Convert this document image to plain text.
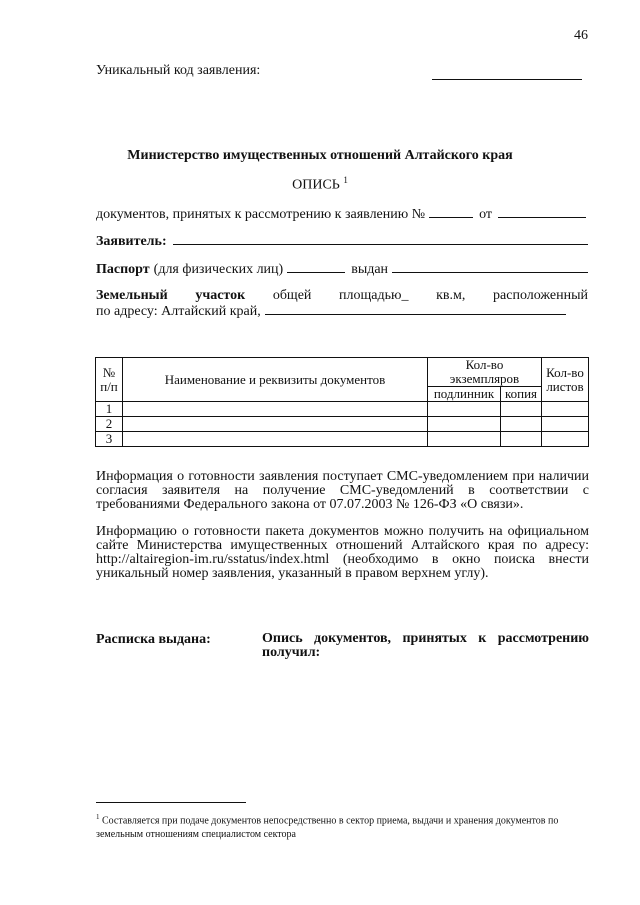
46
Уникальный код заявления:
Министерство имущественных отношений Алтайского края
ОПИСЬ $^1$
документов, принятых к рассмотрению к заявлению №	от
Заявитель:
Паспорт (для физических лиц)	выдан
Земельный участок общей площадью_ кв.м, расположенный
по адресу: Алтайский край,
№ п/п	Наименование и реквизиты документов	Кол-во экземпляров		Кол-во листов
		подлинник	копия	
1				
2				
3				
Информация о готовности заявления поступает СМС-уведомлением при наличии согласия заявителя на получение СМС-уведомлений в соответствии с требованиями Федерального закона от 07.07.2003 № 126-ФЗ «О связи».
Информацию о готовности пакета документов можно получить на официальном сайте Министерства имущественных отношений Алтайского края по адресу: http://altairegion-im.ru/sstatus/index.html (необходимо в окно поиска внести уникальный номер заявления, указанный в правом верхнем углу).
Расписка выдана:	Опись документов, принятых к рассмотрению получил:
$^1$ Составляется при подаче документов непосредственно в сектор приема, выдачи и хранения документов по земельным отношениям специалистом сектора
